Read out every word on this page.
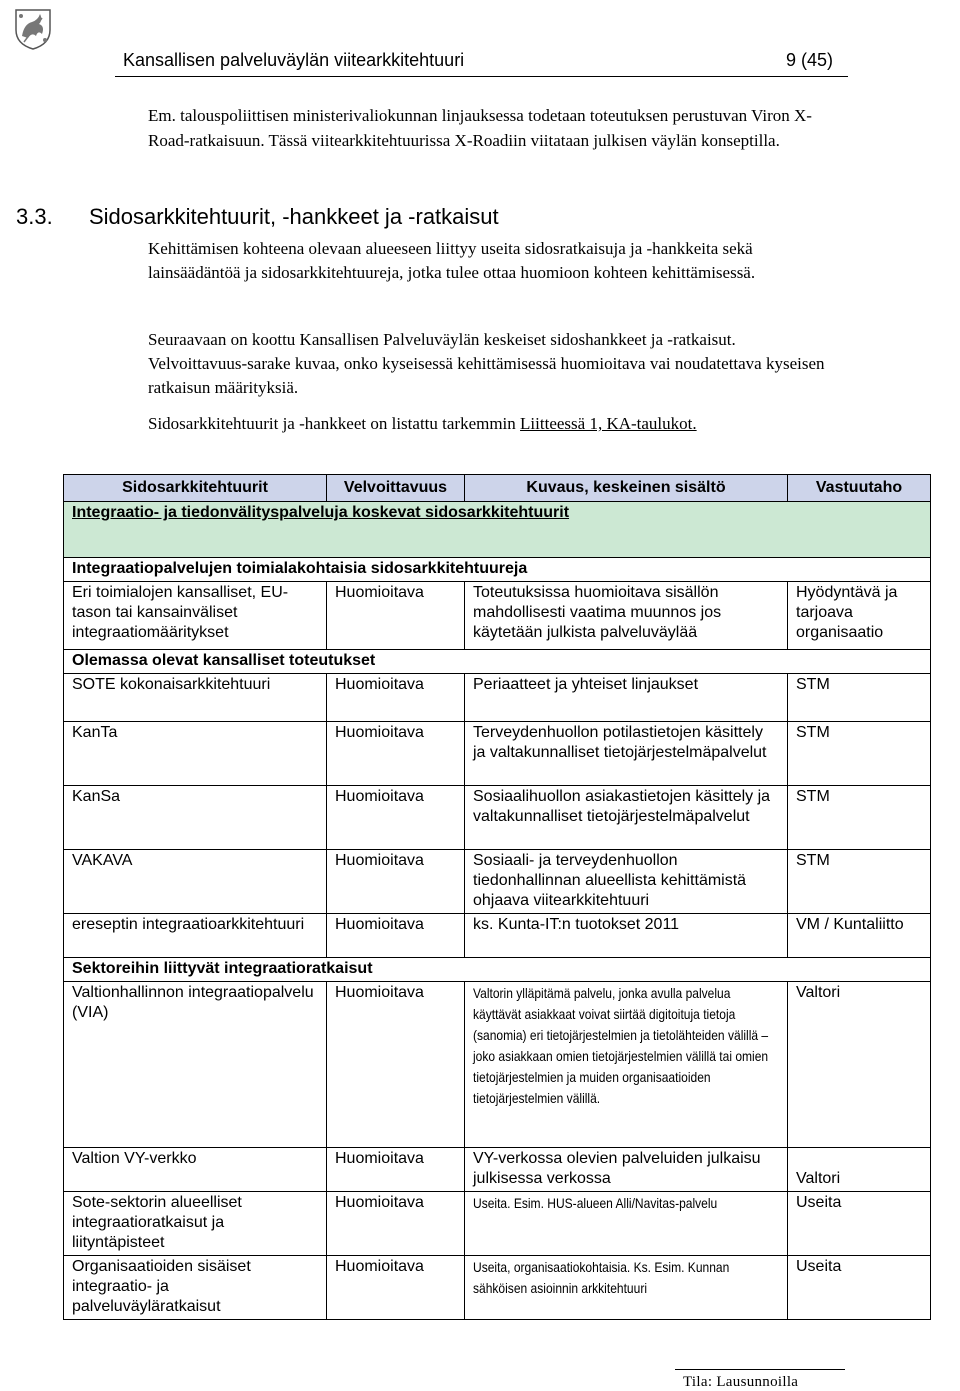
Kansallisen palveluväylän viitearkkitehtuuri	9 (45)
Em. talouspoliittisen ministerivaliokunnan linjauksessa todetaan toteutuksen perustuvan Viron X-Road-ratkaisuun. Tässä viitearkkitehtuurissa X-Roadiin viitataan julkisen väylän konseptilla.
3.3. Sidosarkkitehtuurit, -hankkeet ja -ratkaisut
Kehittämisen kohteena olevaan alueeseen liittyy useita sidosratkaisuja ja -hankkeita sekä lainsäädäntöä ja sidosarkkitehtuureja, jotka tulee ottaa huomioon kohteen kehittämisessä.
Seuraavaan on koottu Kansallisen Palveluväylän keskeiset sidoshankkeet ja -ratkaisut. Velvoittavuus-sarake kuvaa, onko kyseisessä kehittämisessä huomioitava vai noudatettava kyseisen ratkaisun määrityksiä.
Sidosarkkitehtuurit ja -hankkeet on listattu tarkemmin Liitteessä 1, KA-taulukot.
Sidosarkkitehtuurit	Velvoittavuus	Kuvaus, keskeinen sisältö	Vastuutaho
Integraatio- ja tiedonvälityspalveluja koskevat sidosarkkitehtuurit			
Integraatiopalvelujen toimialakohtaisia sidosarkkitehtuureja			
Eri toimialojen kansalliset, EU-tason tai kansainväliset integraatiomääritykset	Huomioitava	Toteutuksissa huomioitava sisällön mahdollisesti vaatima muunnos jos käytetään julkista palveluväylää	Hyödyntävä ja tarjoava organisaatio
Olemassa olevat kansalliset toteutukset			
SOTE kokonaisarkkitehtuuri	Huomioitava	Periaatteet ja yhteiset linjaukset	STM
KanTa	Huomioitava	Terveydenhuollon potilastietojen käsittely ja valtakunnalliset tietojärjestelmäpalvelut	STM
KanSa	Huomioitava	Sosiaalihuollon asiakastietojen käsittely ja valtakunnalliset tietojärjestelmäpalvelut	STM
VAKAVA	Huomioitava	Sosiaali- ja terveydenhuollon tiedonhallinnan alueellista kehittämistä ohjaava viitearkkitehtuuri	STM
ereseptin integraatioarkkitehtuuri	Huomioitava	ks. Kunta-IT:n tuotokset 2011	VM / Kuntaliitto
Sektoreihin liittyvät integraatioratkaisut			
Valtionhallinnon integraatiopalvelu (VIA)	Huomioitava	Valtorin ylläpitämä palvelu, jonka avulla palvelua käyttävät asiakkaat voivat siirtää digitoituja tietoja (sanomia) eri tietojärjestelmien ja tietolähteiden välillä – joko asiakkaan omien tietojärjestelmien välillä tai omien tietojärjestelmien ja muiden organisaatioiden tietojärjestelmien välillä.	Valtori
Valtion VY-verkko	Huomioitava	VY-verkossa olevien palveluiden julkaisu julkisessa verkossa	Valtori
Sote-sektorin alueelliset integraatioratkaisut ja liityntäpisteet	Huomioitava	Useita. Esim. HUS-alueen Alli/Navitas-palvelu	Useita
Organisaatioiden sisäiset integraatio- ja palveluväyläratkaisut	Huomioitava	Useita, organisaatiokohtaisia. Ks. Esim. Kunnan sähköisen asioinnin arkkitehtuuri	Useita
Tila: Lausunnoilla
